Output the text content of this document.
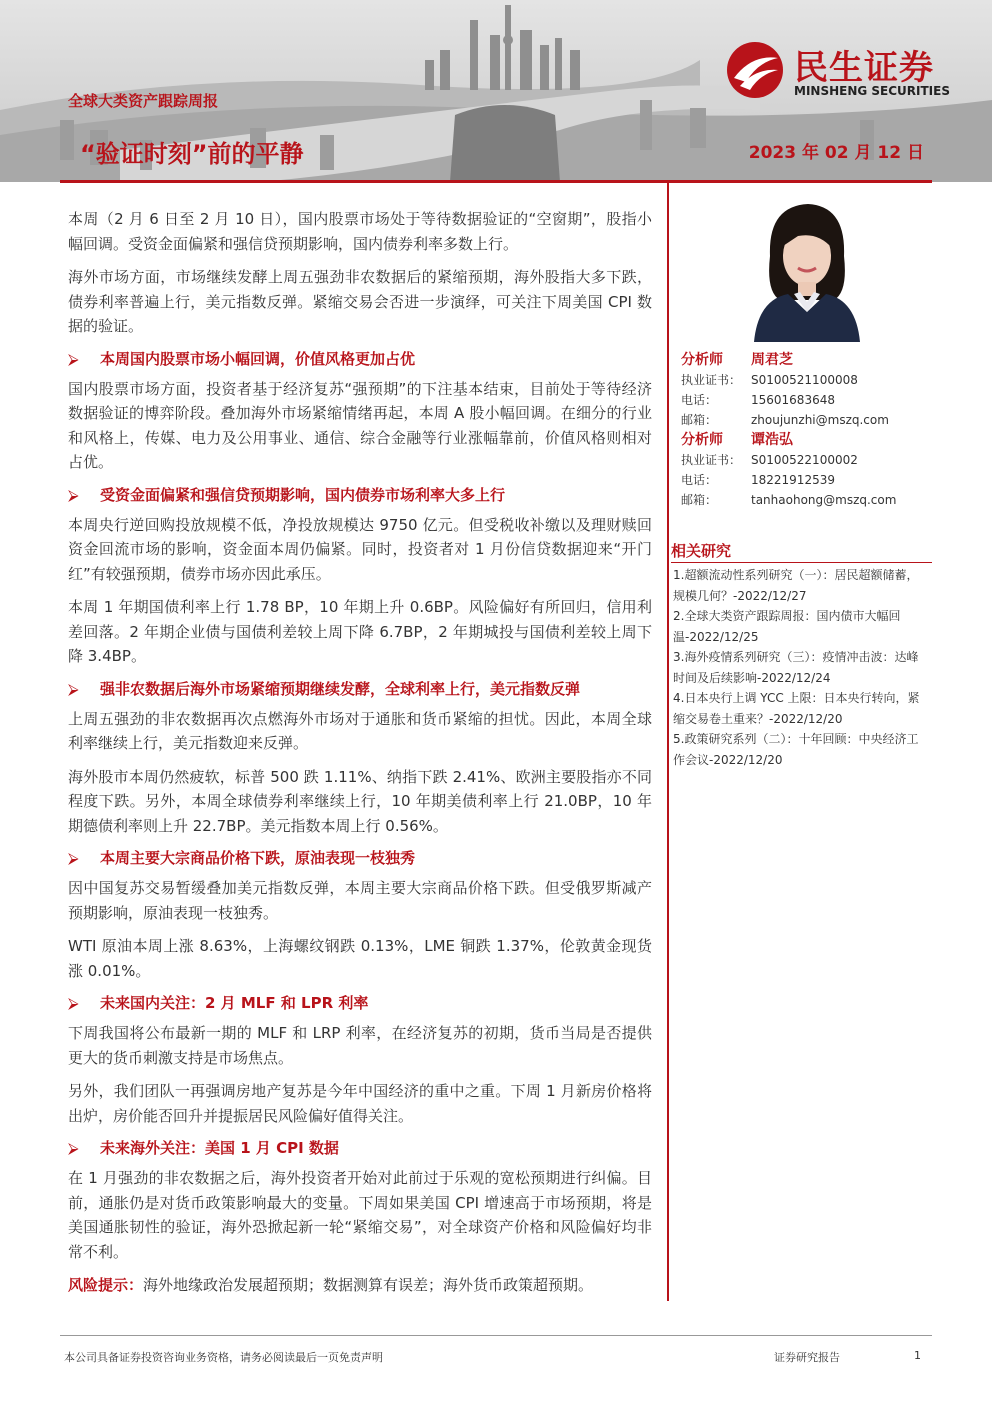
全球大类资产跟踪周报
“验证时刻”前的平静	2023 年 02 月 12 日
民生证券
MINSHENG SECURITIES

本周（2 月 6 日至 2 月 10 日），国内股票市场处于等待数据验证的“空窗期”，股指小幅回调。受资金面偏紧和强信贷预期影响，国内债券利率多数上行。

海外市场方面，市场继续发酵上周五强劲非农数据后的紧缩预期，海外股指大多下跌，债券利率普遍上行，美元指数反弹。紧缩交易会否进一步演绎，可关注下周美国 CPI 数据的验证。

⮚ 本周国内股票市场小幅回调，价值风格更加占优

国内股票市场方面，投资者基于经济复苏“强预期”的下注基本结束，目前处于等待经济数据验证的博弈阶段。叠加海外市场紧缩情绪再起，本周 A 股小幅回调。在细分的行业和风格上，传媒、电力及公用事业、通信、综合金融等行业涨幅靠前，价值风格则相对占优。

⮚ 受资金面偏紧和强信贷预期影响，国内债券市场利率大多上行

本周央行逆回购投放规模不低，净投放规模达 9750 亿元。但受税收补缴以及理财赎回资金回流市场的影响，资金面本周仍偏紧。同时，投资者对 1 月份信贷数据迎来“开门红”有较强预期，债券市场亦因此承压。

本周 1 年期国债利率上行 1.78 BP，10 年期上升 0.6BP。风险偏好有所回归，信用利差回落。2 年期企业债与国债利差较上周下降 6.7BP，2 年期城投与国债利差较上周下降 3.4BP。

⮚ 强非农数据后海外市场紧缩预期继续发酵，全球利率上行，美元指数反弹

上周五强劲的非农数据再次点燃海外市场对于通胀和货币紧缩的担忧。因此，本周全球利率继续上行，美元指数迎来反弹。

海外股市本周仍然疲软，标普 500 跌 1.11%、纳指下跌 2.41%、欧洲主要股指亦不同程度下跌。另外，本周全球债券利率继续上行，10 年期美债利率上行 21.0BP，10 年期德债利率则上升 22.7BP。美元指数本周上行 0.56%。

⮚ 本周主要大宗商品价格下跌，原油表现一枝独秀

因中国复苏交易暂缓叠加美元指数反弹，本周主要大宗商品价格下跌。但受俄罗斯减产预期影响，原油表现一枝独秀。

WTI 原油本周上涨 8.63%，上海螺纹钢跌 0.13%，LME 铜跌 1.37%，伦敦黄金现货涨 0.01%。

⮚ 未来国内关注：2 月 MLF 和 LPR 利率

下周我国将公布最新一期的 MLF 和 LRP 利率，在经济复苏的初期，货币当局是否提供更大的货币刺激支持是市场焦点。

另外，我们团队一再强调房地产复苏是今年中国经济的重中之重。下周 1 月新房价格将出炉，房价能否回升并提振居民风险偏好值得关注。

⮚ 未来海外关注：美国 1 月 CPI 数据

在 1 月强劲的非农数据之后，海外投资者开始对此前过于乐观的宽松预期进行纠偏。目前，通胀仍是对货币政策影响最大的变量。下周如果美国 CPI 增速高于市场预期，将是美国通胀韧性的验证，海外恐掀起新一轮“紧缩交易”，对全球资产价格和风险偏好均非常不利。

风险提示：海外地缘政治发展超预期；数据测算有误差；海外货币政策超预期。

分析师	周君芝
执业证书： S0100521100008
电话：	15601683648
邮箱：	zhoujunzhi@mszq.com
分析师	谭浩弘
执业证书： S0100522100002
电话：	18221912539
邮箱：	tanhaohong@mszq.com
相关研究
1.超额流动性系列研究（一）：居民超额储蓄，规模几何？-2022/12/27
2.全球大类资产跟踪周报：国内债市大幅回温-2022/12/25
3.海外疫情系列研究（三）：疫情冲击波：达峰时间及后续影响-2022/12/24
4.日本央行上调 YCC 上限：日本央行转向，紧缩交易卷土重来？-2022/12/20
5.政策研究系列（二）：十年回顾：中央经济工作会议-2022/12/20
本公司具备证券投资咨询业务资格，请务必阅读最后一页免责声明	证券研究报告	1
